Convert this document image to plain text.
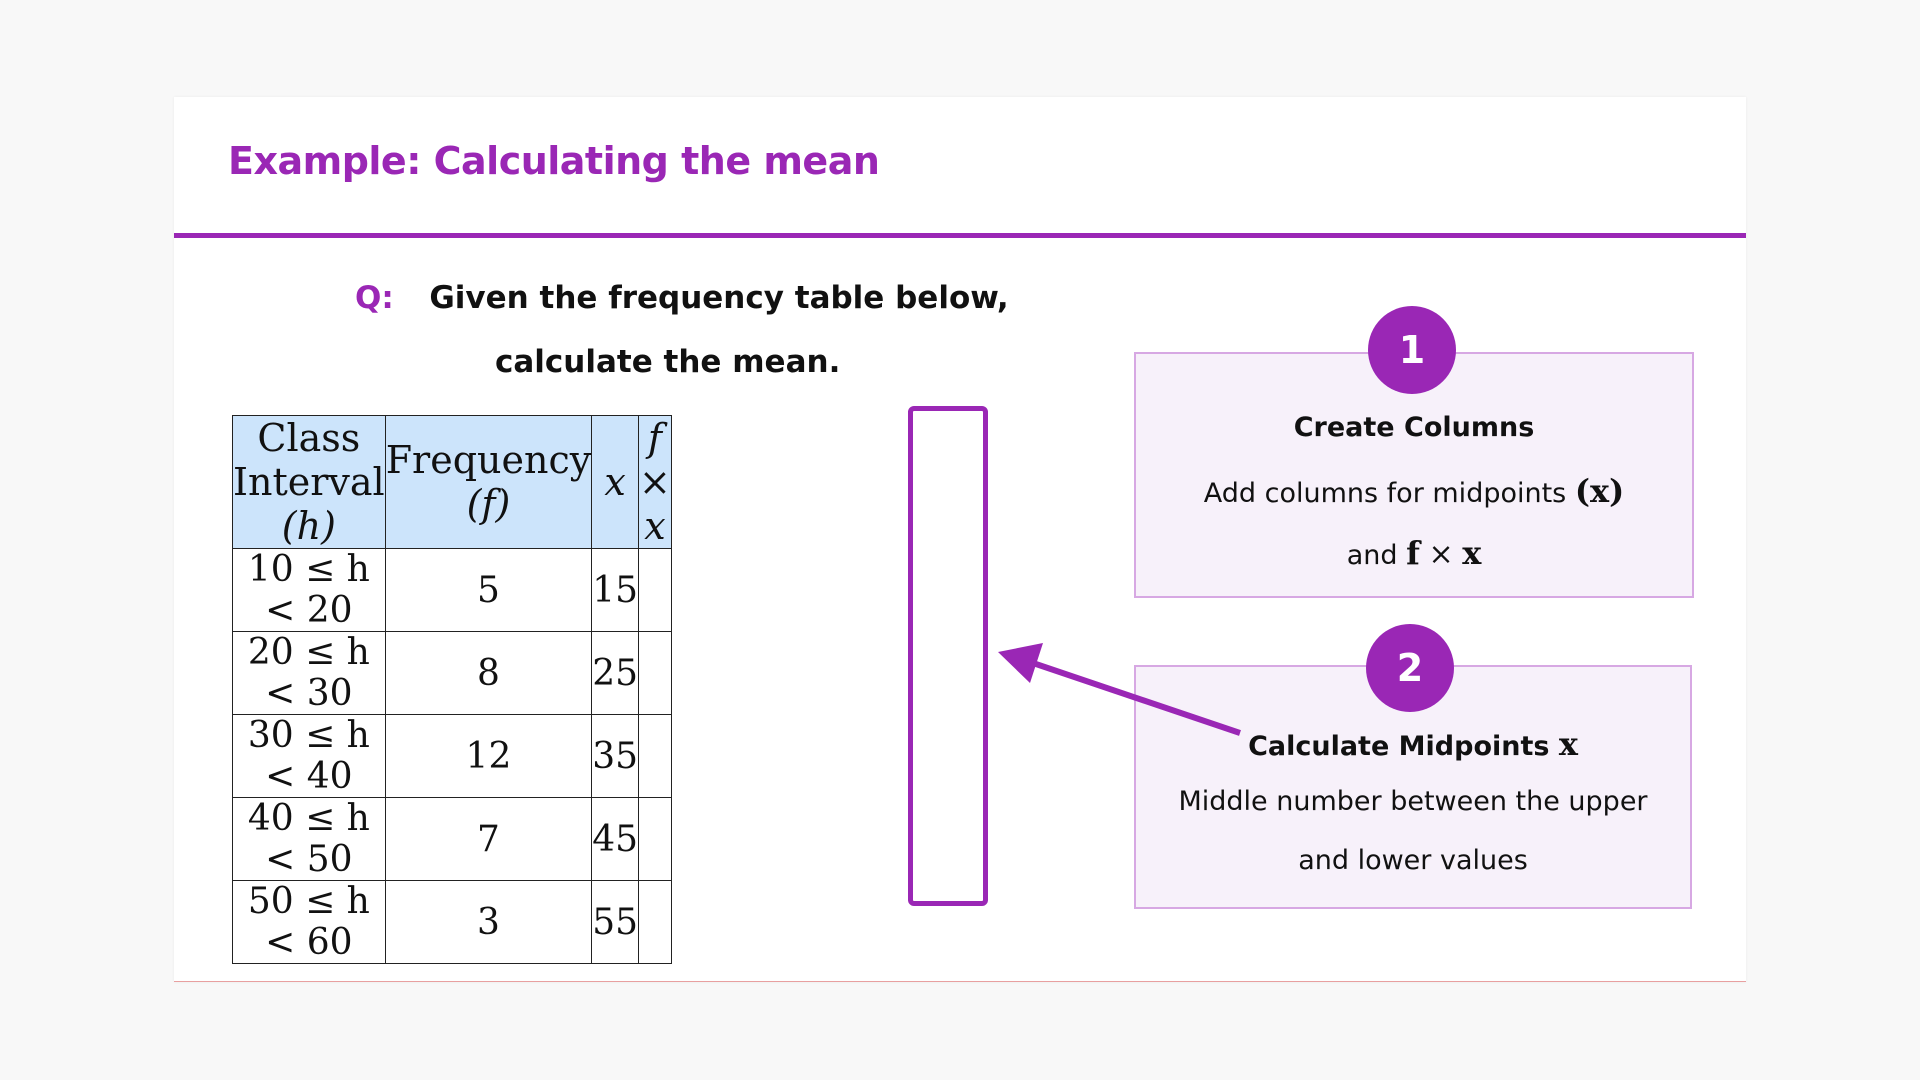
Example: Calculating the mean
Q: Given the frequency table below,
calculate the mean.
Class Interval (h)	Frequency (f)	x	f × x
10 ≤ h < 20	5	15	
20 ≤ h < 30	8	25	
30 ≤ h < 40	12	35	
40 ≤ h < 50	7	45	
50 ≤ h < 60	3	55	
Create Columns
Add columns for midpoints (x)
and f × x
1
Calculate Midpoints x
Middle number between the upper
and lower values
2
